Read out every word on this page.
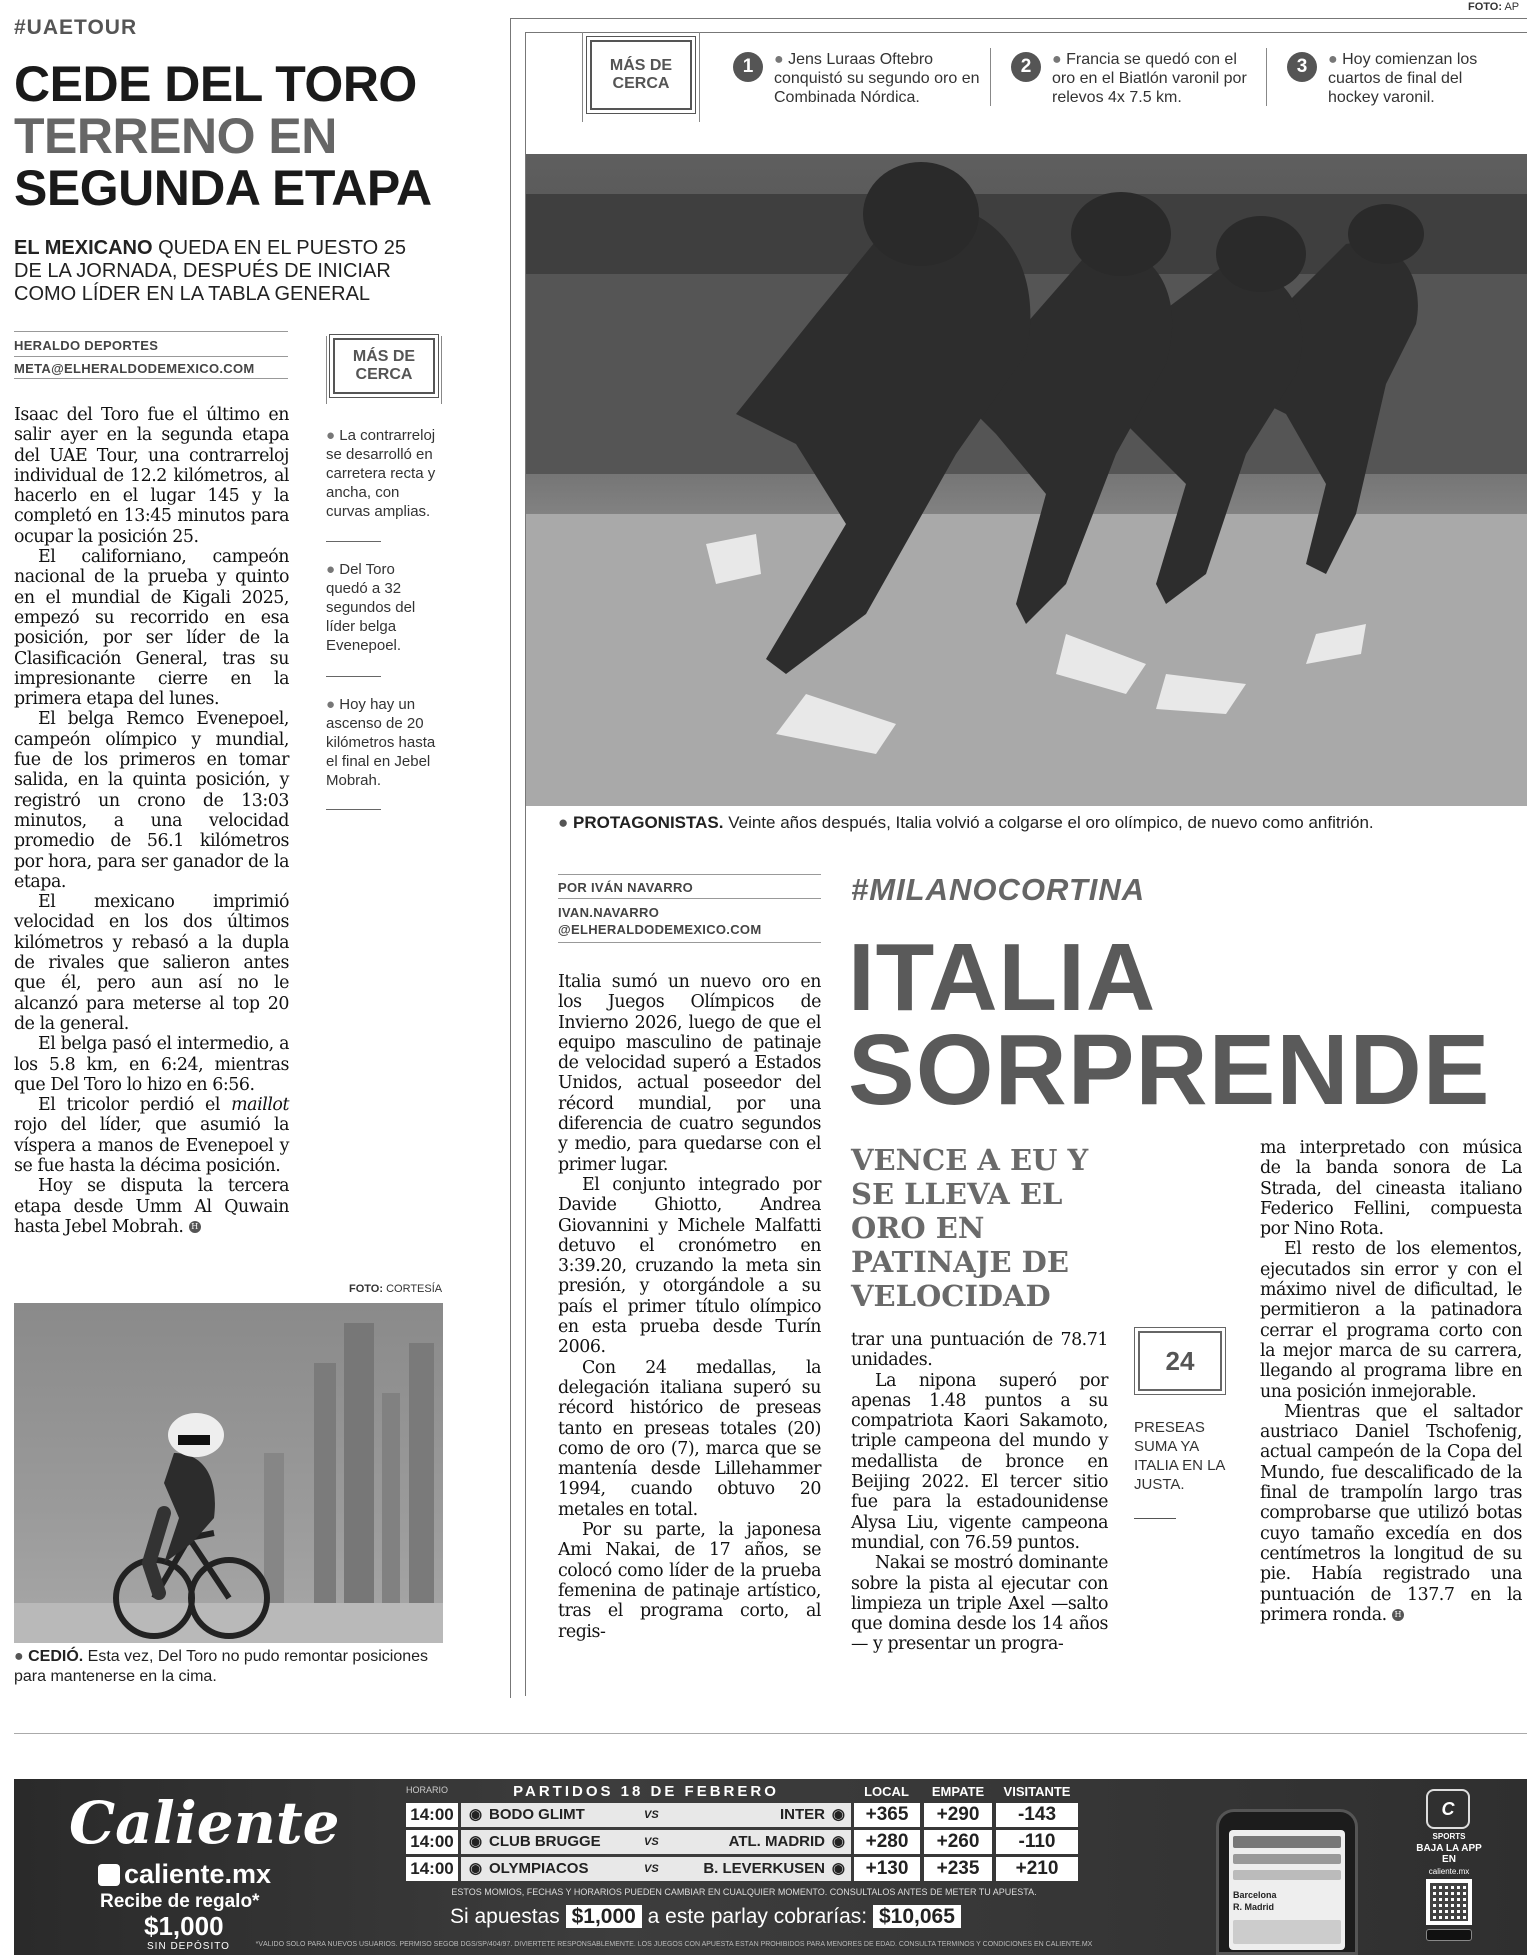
#UAETOUR
CEDE DEL TORO
TERRENO EN
SEGUNDA ETAPA
EL MEXICANO QUEDA EN EL PUESTO 25
DE LA JORNADA, DESPUÉS DE INICIAR
COMO LÍDER EN LA TABLA GENERAL
HERALDO DEPORTES
META@ELHERALDODEMEXICO.COM

Isaac del Toro fue el último en salir ayer en la segunda etapa del UAE Tour, una contrarreloj individual de 12.2 kilómetros, al hacerlo en el lugar 145 y la completó en 13:45 minutos para ocupar la posición 25.

El californiano, campeón nacional de la prueba y quinto en el mundial de Kigali 2025, empezó su recorrido en esa posición, por ser líder de la Clasificación General, tras su impresionante cierre en la primera etapa del lunes.

El belga Remco Evenepoel, campeón olímpico y mundial, fue de los primeros en tomar salida, en la quinta posición, y registró un crono de 13:03 minutos, a una velocidad promedio de 56.1 kilómetros por hora, para ser ganador de la etapa.

El mexicano imprimió velocidad en los dos últimos kilómetros y rebasó a la dupla de rivales que salieron antes que él, pero aun así no le alcanzó para meterse al top 20 de la general.

El belga pasó el intermedio, a los 5.8 km, en 6:24, mientras que Del Toro lo hizo en 6:56.

El tricolor perdió el maillot rojo del líder, que asumió la víspera a manos de Evenepoel y se fue hasta la décima posición.

Hoy se disputa la tercera etapa desde Umm Al Quwain hasta Jebel Mobrah. H

MÁS DE
CERCA
● La contrarreloj se desarrolló en carretera recta y ancha, con curvas amplias.
● Del Toro quedó a 32 segundos del líder belga Evenepoel.
● Hoy hay un ascenso de 20 kilómetros hasta el final en Jebel Mobrah.
FOTO: CORTESÍA
● CEDIÓ. Esta vez, Del Toro no pudo remontar posiciones para mantenerse en la cima.
FOTO: AP
MÁS DE
CERCA
1	● Jens Luraas Oftebro conquistó su segundo oro en Combinada Nórdica.
2	● Francia se quedó con el oro en el Biatlón varonil por relevos 4x 7.5 km.
3	● Hoy comienzan los cuartos de final del hockey varonil.
● PROTAGONISTAS. Veinte años después, Italia volvió a colgarse el oro olímpico, de nuevo como anfitrión.
POR IVÁN NAVARRO
IVAN.NAVARRO
@ELHERALDODEMEXICO.COM
#MILANOCORTINA
ITALIA
SORPRENDE
VENCE A EU Y SE LLEVA EL ORO EN PATINAJE DE VELOCIDAD

Italia sumó un nuevo oro en los Juegos Olímpicos de Invierno 2026, luego de que el equipo masculino de patinaje de velocidad superó a Estados Unidos, actual poseedor del récord mundial, por una diferencia de cuatro segundos y medio, para quedarse con el primer lugar.

El conjunto integrado por Davide Ghiotto, Andrea Giovannini y Michele Malfatti detuvo el cronómetro en 3:39.20, cruzando la meta sin presión, y otorgándole a su país el primer título olímpico en esta prueba desde Turín 2006.

Con 24 medallas, la delegación italiana superó su récord histórico de preseas tanto en preseas totales (20) como de oro (7), marca que se mantenía desde Lillehammer 1994, cuando obtuvo 20 metales en total.

Por su parte, la japonesa Ami Nakai, de 17 años, se colocó como líder de la prueba femenina de patinaje artístico, tras el programa corto, al regis-

trar una puntuación de 78.71 unidades.

La nipona superó por apenas 1.48 puntos a su compatriota Kaori Sakamoto, triple campeona del mundo y medallista de bronce en Beijing 2022. El tercer sitio fue para la estadounidense Alysa Liu, vigente campeona mundial, con 76.59 puntos.

Nakai se mostró dominante sobre la pista al ejecutar con limpieza un triple Axel —salto que domina desde los 14 años— y presentar un progra-

24
PRESEAS SUMA YA ITALIA EN LA JUSTA.

ma interpretado con música de la banda sonora de La Strada, del cineasta italiano Federico Fellini, compuesta por Nino Rota.

El resto de los elementos, ejecutados sin error y con el máximo nivel de dificultad, le permitieron a la patinadora cerrar el programa corto con la mejor marca de su carrera, llegando al programa libre en una posición inmejorable.

Mientras que el saltador austriaco Daniel Tschofenig, actual campeón de la Copa del Mundo, fue descalificado de la final de trampolín largo tras comprobarse que utilizó botas cuyo tamaño excedía en dos centímetros la longitud de su pie. Había registrado una puntuación de 137.7 en la primera ronda. H

Caliente
caliente.mx
Recibe de regalo*
$1,000
SIN DEPÓSITO
HORARIO	PARTIDOS 18 DE FEBRERO	LOCAL	EMPATE	VISITANTE
14:00 ◉ BODO GLIMT	VS	INTER ◉	+365	+290	-143
14:00 ◉ CLUB BRUGGE	VS	ATL. MADRID ◉	+280	+260	-110
14:00 ◉ OLYMPIACOS	VS	B. LEVERKUSEN ◉	+130	+235	+210
ESTOS MOMIOS, FECHAS Y HORARIOS PUEDEN CAMBIAR EN CUALQUIER MOMENTO. CONSULTALOS ANTES DE METER TU APUESTA.
Si apuestas $1,000 a este parlay cobrarías: $10,065
*VÁLIDO SOLO PARA NUEVOS USUARIOS. PERMISO SEGOB DGS/SP/404/97. DIVIÉRTETE RESPONSABLEMENTE. LOS JUEGOS CON APUESTA ESTÁN PROHIBIDOS PARA MENORES DE EDAD. CONSULTA TÉRMINOS Y CONDICIONES EN CALIENTE.MX
Barcelona
R. Madrid
C
SPORTS
BAJA LA APP EN
caliente.mx
